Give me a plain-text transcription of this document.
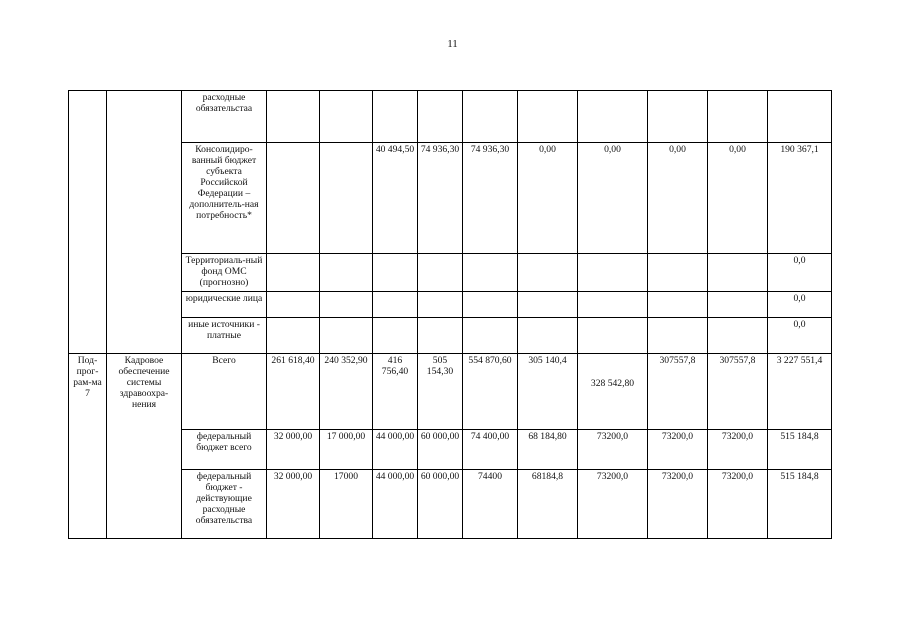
11
		расходные обязательстаа										
		Консолидиро-ванный бюджет субъекта Российской Федерации – дополнитель-ная потребность*			40 494,50	74 936,30	74 936,30	0,00	0,00	0,00	0,00	190 367,1
		Территориаль-ный фонд ОМС (прогнозно)										0,0
		юридические лица										0,0
		иные источники - платные										0,0
Под-прог-рам-ма 7	Кадровое обеспечение системы здравоохра-нения	Всего	261 618,40	240 352,90	416 756,40	505 154,30	554 870,60	305 140,4	328 542,80	307557,8	307557,8	3 227 551,4
		федеральный бюджет всего	32 000,00	17 000,00	44 000,00	60 000,00	74 400,00	68 184,80	73200,0	73200,0	73200,0	515 184,8
		федеральный бюджет - действующие расходные обязательства	32 000,00	17000	44 000,00	60 000,00	74400	68184,8	73200,0	73200,0	73200,0	515 184,8
